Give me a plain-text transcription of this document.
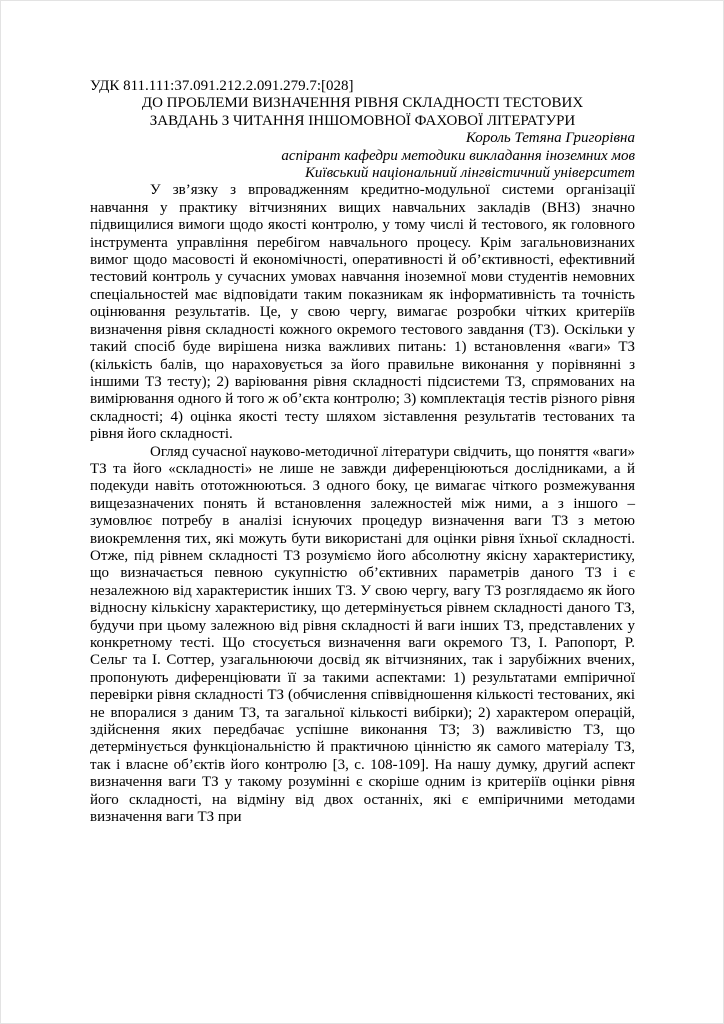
УДК 811.111:37.091.212.2.091.279.7:[028]
ДО ПРОБЛЕМИ ВИЗНАЧЕННЯ РІВНЯ СКЛАДНОСТІ ТЕСТОВИХ
ЗАВДАНЬ З ЧИТАННЯ ІНШОМОВНОЇ ФАХОВОЇ ЛІТЕРАТУРИ
Король Тетяна Григорівна
аспірант кафедри методики викладання іноземних мов
Київський національний лінгвістичний університет

У зв’язку з впровадженням кредитно-модульної системи організації навчання у практику вітчизняних вищих навчальних закладів (ВНЗ) значно підвищилися вимоги щодо якості контролю, у тому числі й тестового, як головного інструмента управління перебігом навчального процесу. Крім загальновизнаних вимог щодо масовості й економічності, оперативності й об’єктивності, ефективний тестовий контроль у сучасних умовах навчання іноземної мови студентів немовних спеціальностей має відповідати таким показникам як інформативність та точність оцінювання результатів. Це, у свою чергу, вимагає розробки чітких критеріїв визначення рівня складності кожного окремого тестового завдання (ТЗ). Оскільки у такий спосіб буде вирішена низка важливих питань: 1) встановлення «ваги» ТЗ (кількість балів, що нараховується за його правильне виконання у порівнянні з іншими ТЗ тесту); 2) варіювання рівня складності підсистеми ТЗ, спрямованих на вимірювання одного й того ж об’єкта контролю; 3) комплектація тестів різного рівня складності; 4) оцінка якості тесту шляхом зіставлення результатів тестованих та рівня його складності.

Огляд сучасної науково-методичної літератури свідчить, що поняття «ваги» ТЗ та його «складності» не лише не завжди диференціюються дослідниками, а й подекуди навіть ототожнюються. З одного боку, це вимагає чіткого розмежування вищезазначених понять й встановлення залежностей між ними, а з іншого – зумовлює потребу в аналізі існуючих процедур визначення ваги ТЗ з метою виокремлення тих, які можуть бути використані для оцінки рівня їхньої складності. Отже, під рівнем складності ТЗ розуміємо його абсолютну якісну характеристику, що визначається певною сукупністю об’єктивних параметрів даного ТЗ і є незалежною від характеристик інших ТЗ. У свою чергу, вагу ТЗ розглядаємо як його відносну кількісну характеристику, що детермінується рівнем складності даного ТЗ, будучи при цьому залежною від рівня складності й ваги інших ТЗ, представлених у конкретному тесті. Що стосується визначення ваги окремого ТЗ, І. Рапопорт, Р. Сельг та І. Соттер, узагальнюючи досвід як вітчизняних, так і зарубіжних вчених, пропонують диференціювати її за такими аспектами: 1) результатами емпіричної перевірки рівня складності ТЗ (обчислення співвідношення кількості тестованих, які не впоралися з даним ТЗ, та загальної кількості вибірки); 2) характером операцій, здійснення яких передбачає успішне виконання ТЗ; 3) важливістю ТЗ, що детермінується функціональністю й практичною цінністю як самого матеріалу ТЗ, так і власне об’єктів його контролю [3, с. 108-109]. На нашу думку, другий аспект визначення ваги ТЗ у такому розумінні є скоріше одним із критеріїв оцінки рівня його складності, на відміну від двох останніх, які є емпіричними методами визначення ваги ТЗ при
